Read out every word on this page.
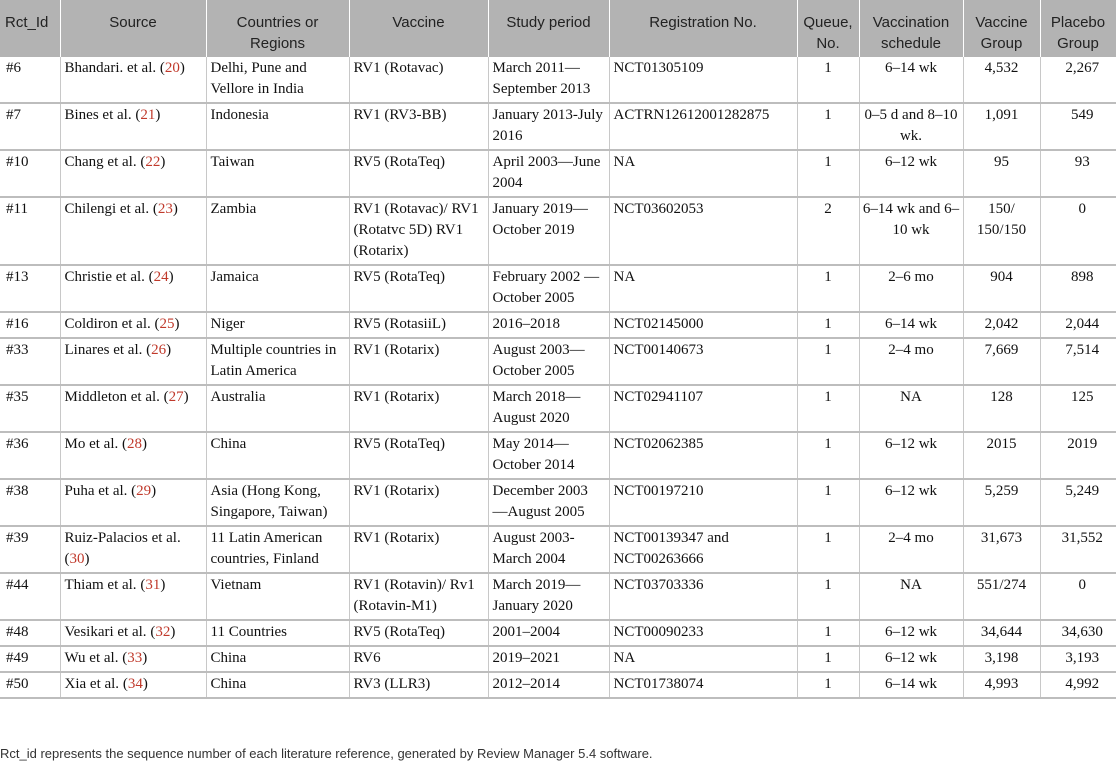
Rct_Id	Source	Countries or Regions	Vaccine	Study period	Registration No.	Queue, No.	Vaccination schedule	Vaccine Group	Placebo Group
#6	Bhandari. et al. (20)	Delhi, Pune and Vellore in India	RV1 (Rotavac)	March 2011—September 2013	NCT01305109	1	6–14 wk	4,532	2,267
#7	Bines et al. (21)	Indonesia	RV1 (RV3-BB)	January 2013-July 2016	ACTRN12612001282875	1	0–5 d and 8–10 wk.	1,091	549
#10	Chang et al. (22)	Taiwan	RV5 (RotaTeq)	April 2003—June 2004	NA	1	6–12 wk	95	93
#11	Chilengi et al. (23)	Zambia	RV1 (Rotavac)/ RV1 (Rotatvc 5D) RV1 (Rotarix)	January 2019—October 2019	NCT03602053	2	6–14 wk and 6–10 wk	150/ 150/150	0
#13	Christie et al. (24)	Jamaica	RV5 (RotaTeq)	February 2002 —October 2005	NA	1	2–6 mo	904	898
#16	Coldiron et al. (25)	Niger	RV5 (RotasiiL)	2016–2018	NCT02145000	1	6–14 wk	2,042	2,044
#33	Linares et al. (26)	Multiple countries in Latin America	RV1 (Rotarix)	August 2003—October 2005	NCT00140673	1	2–4 mo	7,669	7,514
#35	Middleton et al. (27)	Australia	RV1 (Rotarix)	March 2018—August 2020	NCT02941107	1	NA	128	125
#36	Mo et al. (28)	China	RV5 (RotaTeq)	May 2014—October 2014	NCT02062385	1	6–12 wk	2015	2019
#38	Puha et al. (29)	Asia (Hong Kong, Singapore, Taiwan)	RV1 (Rotarix)	December 2003 —August 2005	NCT00197210	1	6–12 wk	5,259	5,249
#39	Ruiz-Palacios et al. (30)	11 Latin American countries, Finland	RV1 (Rotarix)	August 2003-March 2004	NCT00139347 and NCT00263666	1	2–4 mo	31,673	31,552
#44	Thiam et al. (31)	Vietnam	RV1 (Rotavin)/ Rv1 (Rotavin-M1)	March 2019—January 2020	NCT03703336	1	NA	551/274	0
#48	Vesikari et al. (32)	11 Countries	RV5 (RotaTeq)	2001–2004	NCT00090233	1	6–12 wk	34,644	34,630
#49	Wu et al. (33)	China	RV6	2019–2021	NA	1	6–12 wk	3,198	3,193
#50	Xia et al. (34)	China	RV3 (LLR3)	2012–2014	NCT01738074	1	6–14 wk	4,993	4,992
Rct_id represents the sequence number of each literature reference, generated by Review Manager 5.4 software.
